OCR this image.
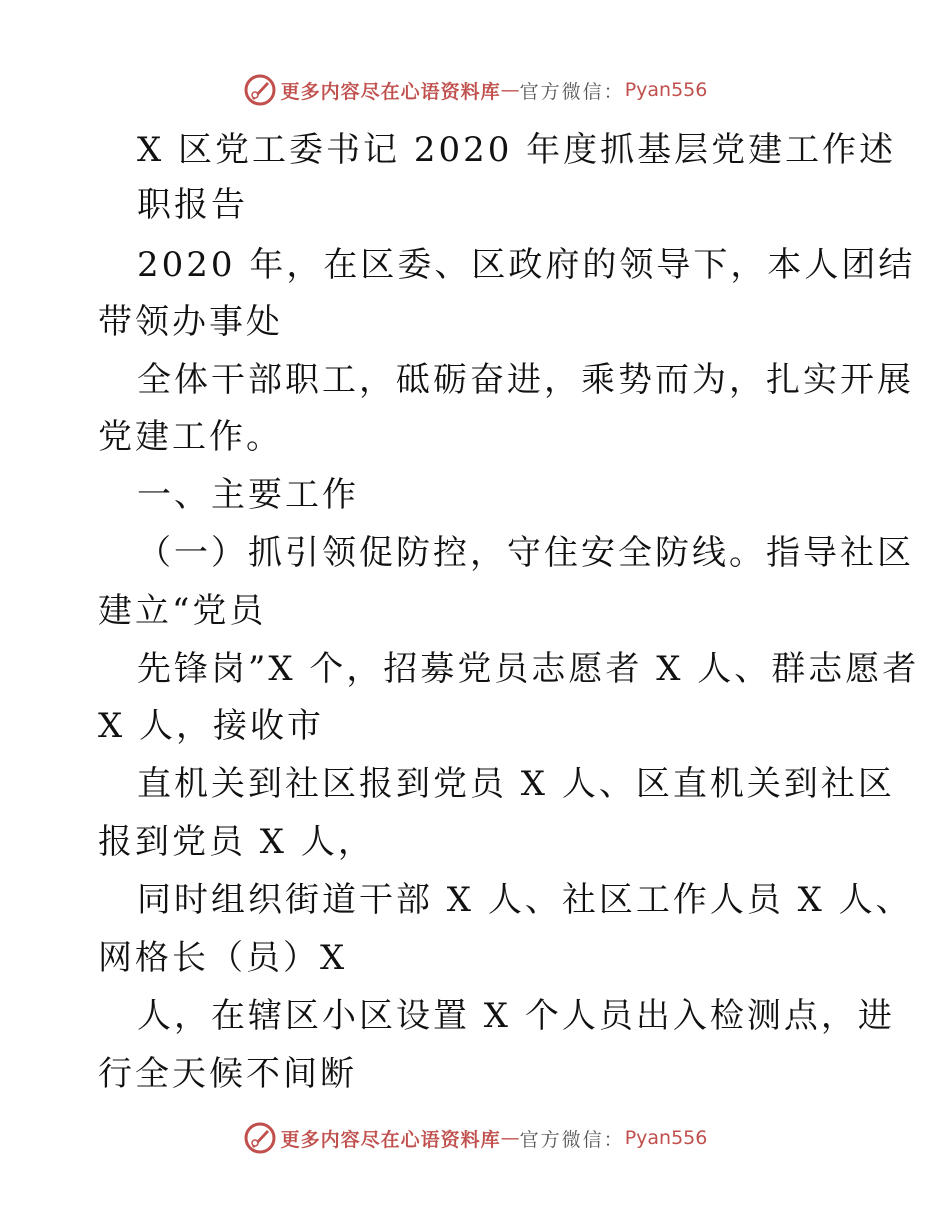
更多内容尽在心语资料库 — 官方微信： Pyan556
X 区党工委书记 2020 年度抓基层党建工作述
职报告
2020 年，在区委、区政府的领导下，本人团结
带领办事处
全体干部职工，砥砺奋进，乘势而为，扎实开展
党建工作。
一、主要工作
（一）抓引领促防控，守住安全防线。指导社区
建立“党员
先锋岗”X 个，招募党员志愿者 X 人、群志愿者
X 人，接收市
直机关到社区报到党员 X 人、区直机关到社区
报到党员 X 人，
同时组织街道干部 X 人、社区工作人员 X 人、
网格长（员）X
人，在辖区小区设置 X 个人员出入检测点，进
行全天候不间断
更多内容尽在心语资料库 — 官方微信： Pyan556
